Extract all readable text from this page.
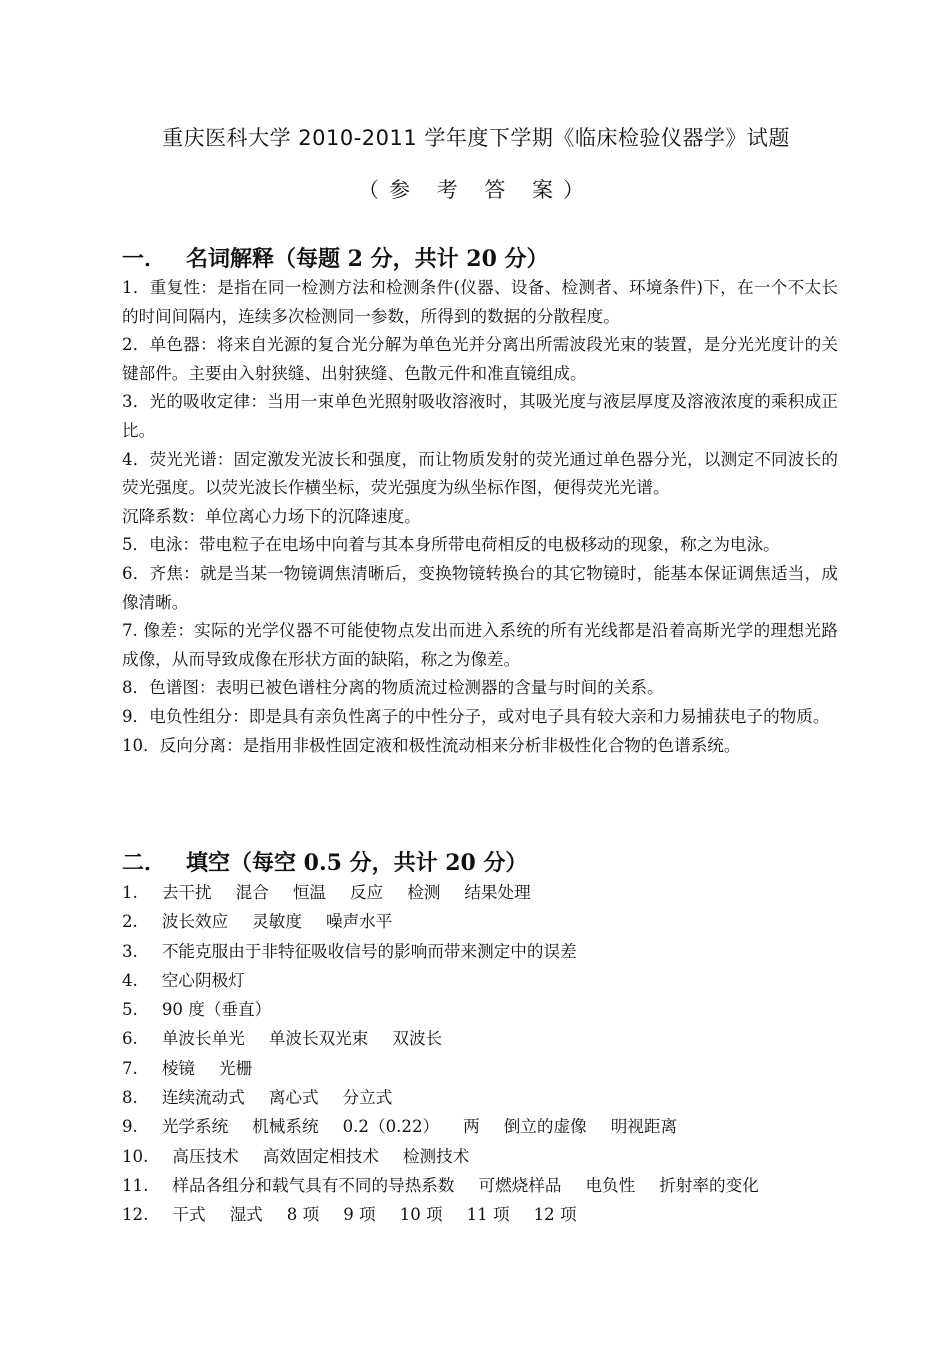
重庆医科大学 2010-2011 学年度下学期《临床检验仪器学》试题
（参 考 答 案）
一． 名词解释（每题 2 分，共计 20 分）

1．重复性：是指在同一检测方法和检测条件(仪器、设备、检测者、环境条件)下，在一个不太长的时间间隔内，连续多次检测同一参数，所得到的数据的分散程度。

2．单色器：将来自光源的复合光分解为单色光并分离出所需波段光束的装置，是分光光度计的关键部件。主要由入射狭缝、出射狭缝、色散元件和准直镜组成。

3．光的吸收定律：当用一束单色光照射吸收溶液时，其吸光度与液层厚度及溶液浓度的乘积成正比。

4．荧光光谱：固定激发光波长和强度，而让物质发射的荧光通过单色器分光，以测定不同波长的荧光强度。以荧光波长作横坐标，荧光强度为纵坐标作图，便得荧光光谱。

沉降系数：单位离心力场下的沉降速度。

5．电泳：带电粒子在电场中向着与其本身所带电荷相反的电极移动的现象，称之为电泳。

6．齐焦：就是当某一物镜调焦清晰后，变换物镜转换台的其它物镜时，能基本保证调焦适当，成像清晰。

7. 像差：实际的光学仪器不可能使物点发出而进入系统的所有光线都是沿着高斯光学的理想光路成像，从而导致成像在形状方面的缺陷，称之为像差。

8．色谱图：表明已被色谱柱分离的物质流过检测器的含量与时间的关系。

9．电负性组分：即是具有亲负性离子的中性分子，或对电子具有较大亲和力易捕获电子的物质。

10．反向分离：是指用非极性固定液和极性流动相来分析非极性化合物的色谱系统。

二． 填空（每空 0.5 分，共计 20 分）
1. 去干扰 混合 恒温 反应 检测 结果处理
2. 波长效应 灵敏度 噪声水平
3. 不能克服由于非特征吸收信号的影响而带来测定中的误差
4. 空心阴极灯
5. 90 度（垂直）
6. 单波长单光 单波长双光束 双波长
7. 棱镜 光栅
8. 连续流动式 离心式 分立式
9. 光学系统 机械系统 0.2（0.22） 两 倒立的虚像 明视距离
10. 高压技术 高效固定相技术 检测技术
11. 样品各组分和载气具有不同的导热系数 可燃烧样品 电负性 折射率的变化
12. 干式 湿式 8 项 9 项 10 项 11 项 12 项
